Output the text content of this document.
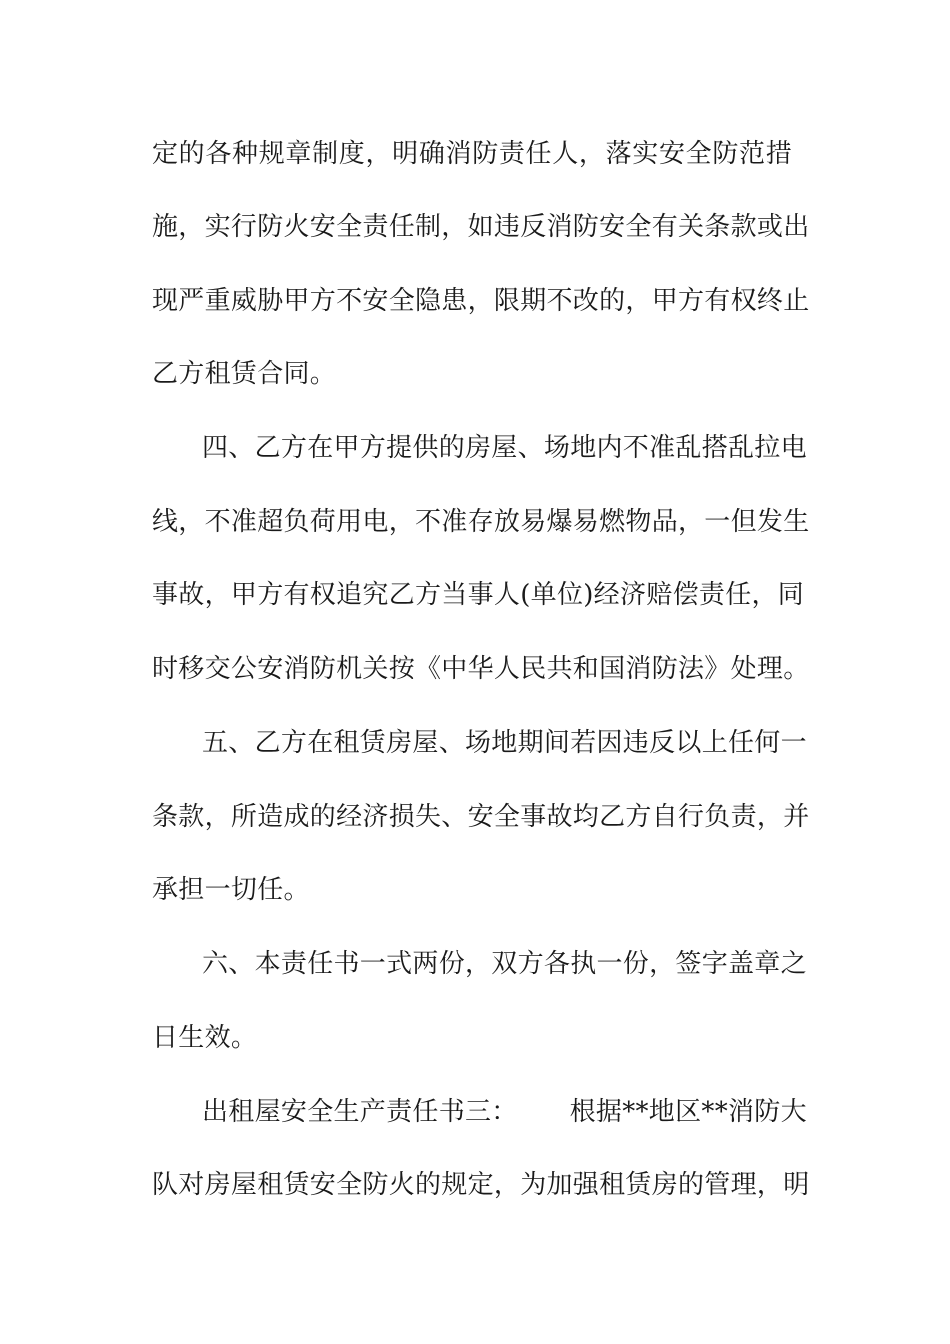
定的各种规章制度，明确消防责任人，落实安全防范措
施，实行防火安全责任制，如违反消防安全有关条款或出
现严重威胁甲方不安全隐患，限期不改的，甲方有权终止
乙方租赁合同。
四、乙方在甲方提供的房屋、场地内不准乱搭乱拉电
线，不准超负荷用电，不准存放易爆易燃物品，一但发生
事故，甲方有权追究乙方当事人(单位)经济赔偿责任，同
时移交公安消防机关按《中华人民共和国消防法》处理。
五、乙方在租赁房屋、场地期间若因违反以上任何一
条款，所造成的经济损失、安全事故均乙方自行负责，并
承担一切任。
六、本责任书一式两份，双方各执一份，签字盖章之
日生效。
出租屋安全生产责任书三： 根据**地区**消防大
队对房屋租赁安全防火的规定，为加强租赁房的管理，明
